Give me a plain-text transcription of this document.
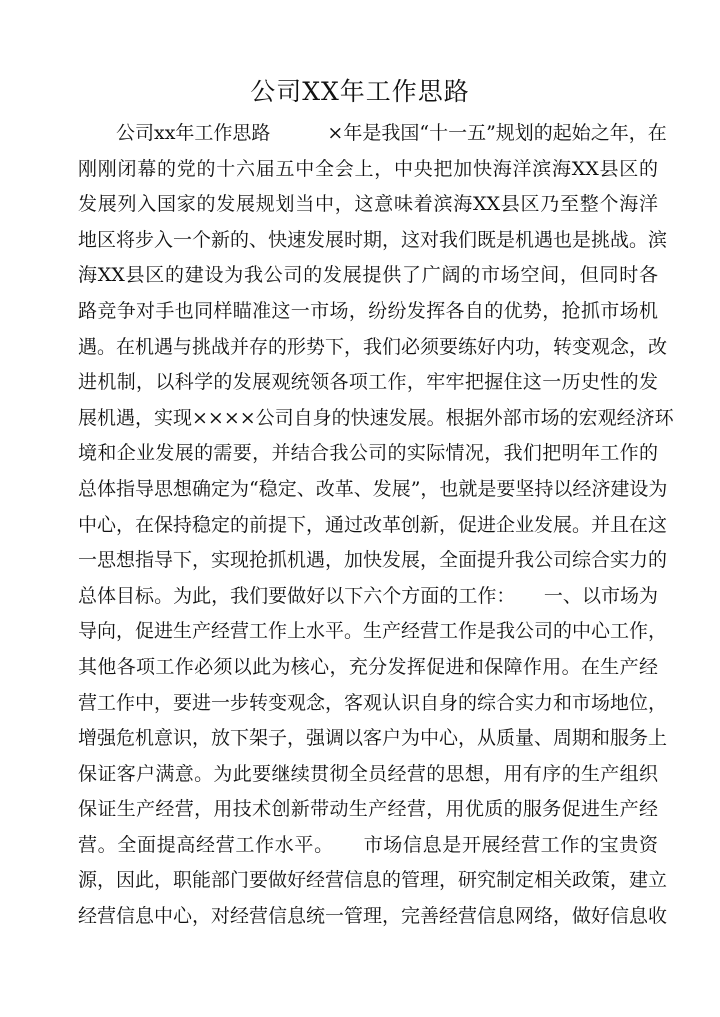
公司XX年工作思路
公司xx年工作思路　　　×年是我国“十一五”规划的起始之年，在
刚刚闭幕的党的十六届五中全会上，中央把加快海洋滨海XX县区的
发展列入国家的发展规划当中，这意味着滨海XX县区乃至整个海洋
地区将步入一个新的、快速发展时期，这对我们既是机遇也是挑战。滨
海XX县区的建设为我公司的发展提供了广阔的市场空间，但同时各
路竞争对手也同样瞄准这一市场，纷纷发挥各自的优势，抢抓市场机
遇。在机遇与挑战并存的形势下，我们必须要练好内功，转变观念，改
进机制，以科学的发展观统领各项工作，牢牢把握住这一历史性的发
展机遇，实现××××公司自身的快速发展。根据外部市场的宏观经济环
境和企业发展的需要，并结合我公司的实际情况，我们把明年工作的
总体指导思想确定为“稳定、改革、发展”，也就是要坚持以经济建设为
中心，在保持稳定的前提下，通过改革创新，促进企业发展。并且在这
一思想指导下，实现抢抓机遇，加快发展，全面提升我公司综合实力的
总体目标。为此，我们要做好以下六个方面的工作：　　一、以市场为
导向，促进生产经营工作上水平。生产经营工作是我公司的中心工作，
其他各项工作必须以此为核心，充分发挥促进和保障作用。在生产经
营工作中，要进一步转变观念，客观认识自身的综合实力和市场地位，
增强危机意识，放下架子，强调以客户为中心，从质量、周期和服务上
保证客户满意。为此要继续贯彻全员经营的思想，用有序的生产组织
保证生产经营，用技术创新带动生产经营，用优质的服务促进生产经
营。全面提高经营工作水平。　　市场信息是开展经营工作的宝贵资
源，因此，职能部门要做好经营信息的管理，研究制定相关政策，建立
经营信息中心，对经营信息统一管理，完善经营信息网络，做好信息收
